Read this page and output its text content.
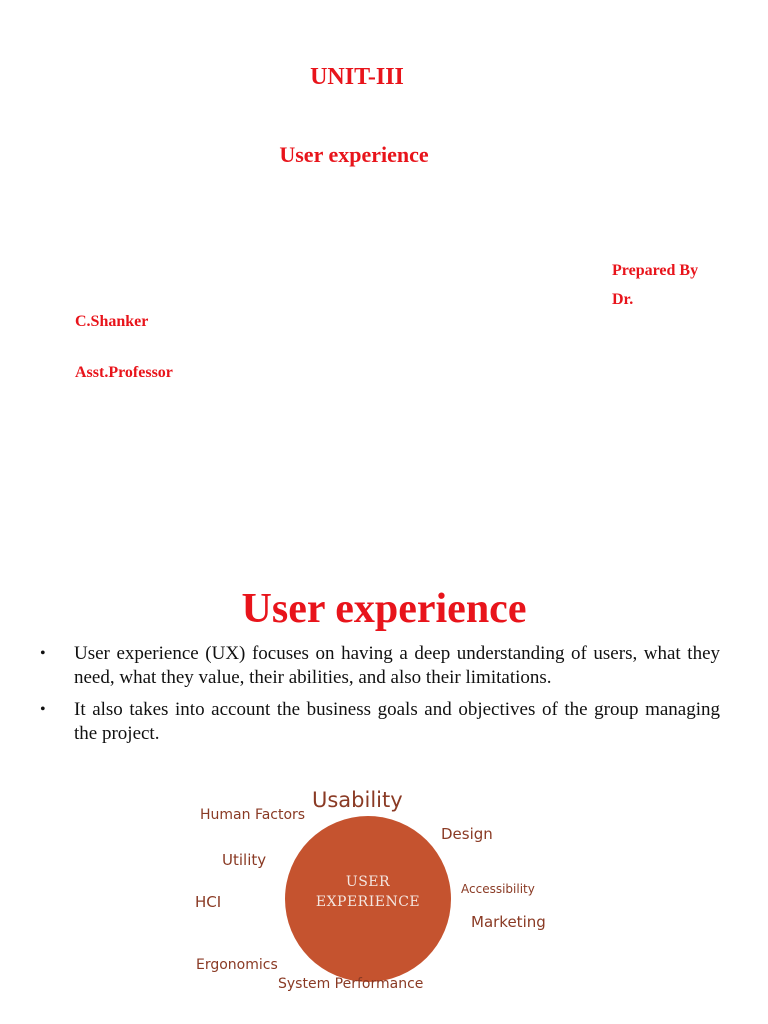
UNIT-III
User experience
Prepared By
Dr.
C.Shanker
Asst.Professor
User experience
• User experience (UX) focuses on having a deep understanding of users, what they need, what they value, their abilities, and also their limitations.
• It also takes into account the business goals and objectives of the group managing the project.
USER
EXPERIENCE
Usability
Human Factors
Design
Utility
Accessibility
HCI
Marketing
Ergonomics
System Performance
